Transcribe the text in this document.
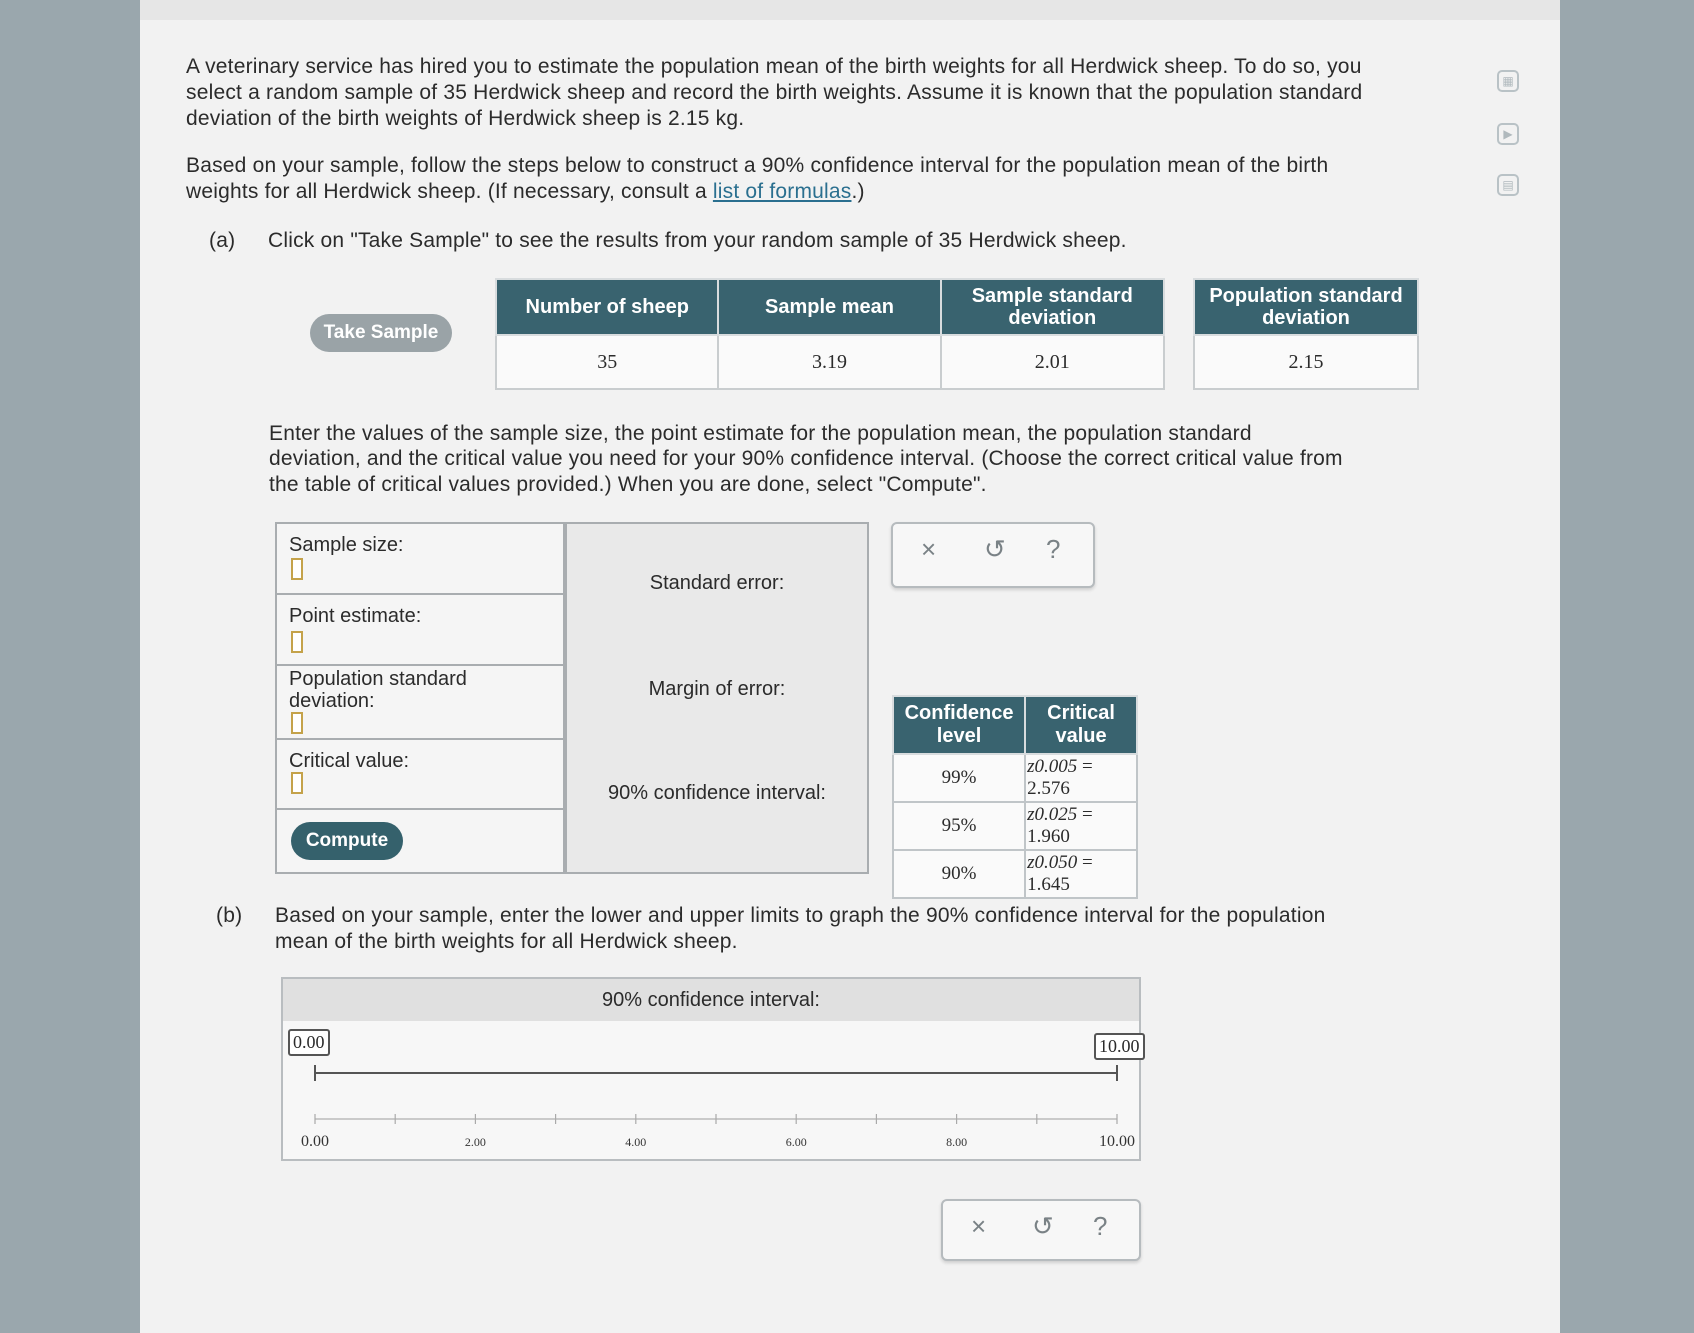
A veterinary service has hired you to estimate the population mean of the birth weights for all Herdwick sheep. To do so, you
select a random sample of 35 Herdwick sheep and record the birth weights. Assume it is known that the population standard
deviation of the birth weights of Herdwick sheep is 2.15 kg.
Based on your sample, follow the steps below to construct a 90% confidence interval for the population mean of the birth
weights for all Herdwick sheep. (If necessary, consult a list of formulas.)
▦
▶
▤
(a) Click on "Take Sample" to see the results from your random sample of 35 Herdwick sheep.
Take Sample
Number of sheep	Sample mean	Sample standard deviation
35	3.19	2.01
Population standard deviation
2.15
Enter the values of the sample size, the point estimate for the population mean, the population standard
deviation, and the critical value you need for your 90% confidence interval. (Choose the correct critical value from
the table of critical values provided.) When you are done, select "Compute".
Sample size:
Point estimate:
Population standard
deviation:
Critical value:
Compute
Standard error:
Margin of error:
90% confidence interval:
× ↺ ?
Confidence level	Critical value
99%	z0.005 = 2.576
95%	z0.025 = 1.960
90%	z0.050 = 1.645
(b) Based on your sample, enter the lower and upper limits to graph the 90% confidence interval for the population
mean of the birth weights for all Herdwick sheep.
× ↺ ?
90% confidence interval:
0.00	10.00
0.00	2.00	4.00	6.00	8.00	10.00
